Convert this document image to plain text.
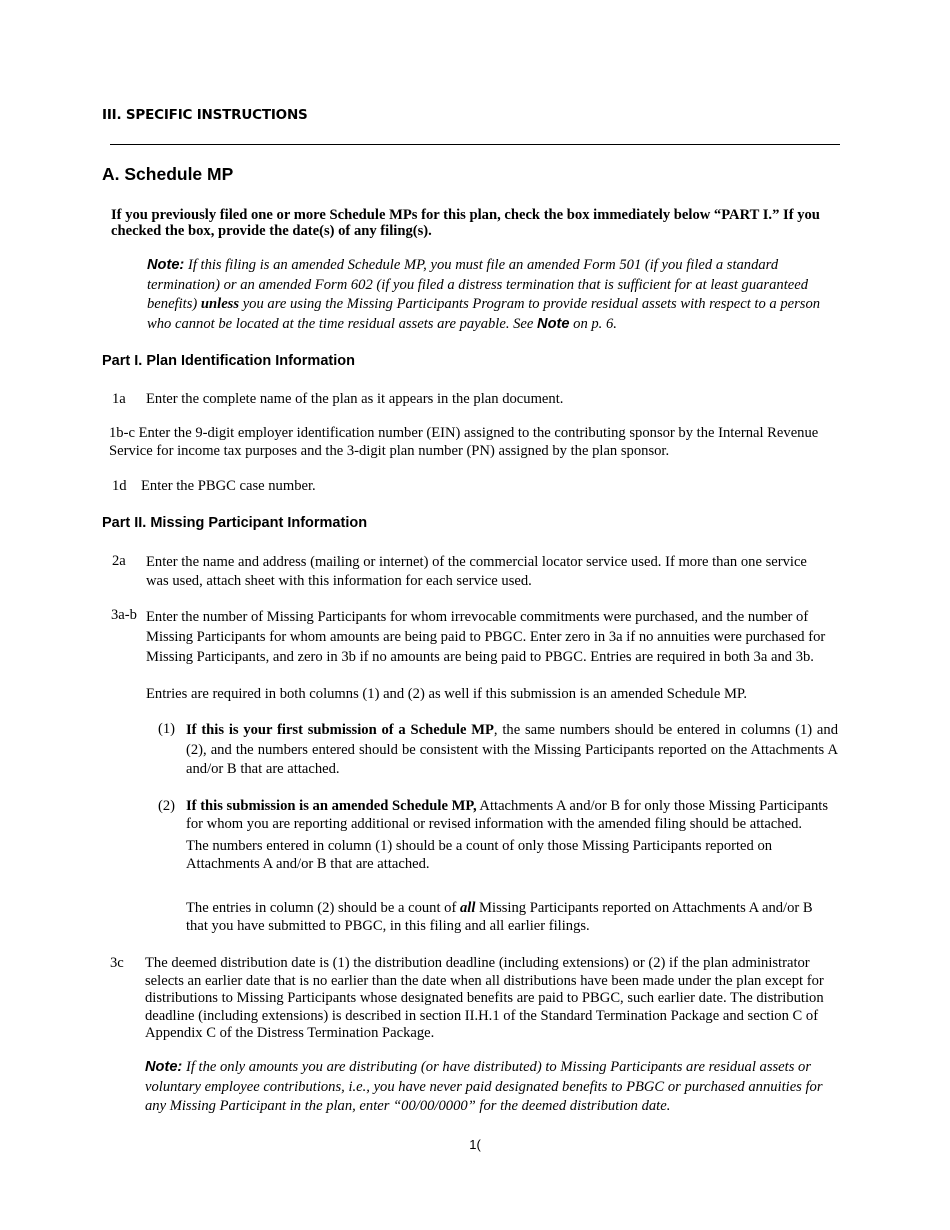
III. SPECIFIC INSTRUCTIONS
A. Schedule MP
If you previously filed one or more Schedule MPs for this plan, check the box immediately below “PART I.” If you checked the box, provide the date(s) of any filing(s).
Note: If this filing is an amended Schedule MP, you must file an amended Form 501 (if you filed a standard termination) or an amended Form 602 (if you filed a distress termination that is sufficient for at least guaranteed benefits) unless you are using the Missing Participants Program to provide residual assets with respect to a person who cannot be located at the time residual assets are payable. See Note on p. 6.
Part I. Plan Identification Information
1a Enter the complete name of the plan as it appears in the plan document.
1b-c Enter the 9-digit employer identification number (EIN) assigned to the contributing sponsor by the Internal Revenue Service for income tax purposes and the 3-digit plan number (PN) assigned by the plan sponsor.
1d Enter the PBGC case number.
Part II. Missing Participant Information
2a Enter the name and address (mailing or internet) of the commercial locator service used. If more than one service was used, attach sheet with this information for each service used.
3a-b Enter the number of Missing Participants for whom irrevocable commitments were purchased, and the number of Missing Participants for whom amounts are being paid to PBGC. Enter zero in 3a if no annuities were purchased for Missing Participants, and zero in 3b if no amounts are being paid to PBGC. Entries are required in both 3a and 3b.
Entries are required in both columns (1) and (2) as well if this submission is an amended Schedule MP.
(1) If this is your first submission of a Schedule MP, the same numbers should be entered in columns (1) and (2), and the numbers entered should be consistent with the Missing Participants reported on the Attachments A and/or B that are attached.
(2) If this submission is an amended Schedule MP, Attachments A and/or B for only those Missing Participants for whom you are reporting additional or revised information with the amended filing should be attached.
The numbers entered in column (1) should be a count of only those Missing Participants reported on Attachments A and/or B that are attached.
The entries in column (2) should be a count of all Missing Participants reported on Attachments A and/or B that you have submitted to PBGC, in this filing and all earlier filings.
3c The deemed distribution date is (1) the distribution deadline (including extensions) or (2) if the plan administrator selects an earlier date that is no earlier than the date when all distributions have been made under the plan except for distributions to Missing Participants whose designated benefits are paid to PBGC, such earlier date. The distribution deadline (including extensions) is described in section II.H.1 of the Standard Termination Package and section C of Appendix C of the Distress Termination Package.
Note: If the only amounts you are distributing (or have distributed) to Missing Participants are residual assets or voluntary employee contributions, i.e., you have never paid designated benefits to PBGC or purchased annuities for any Missing Participant in the plan, enter “00/00/0000” for the deemed distribution date.
1(
